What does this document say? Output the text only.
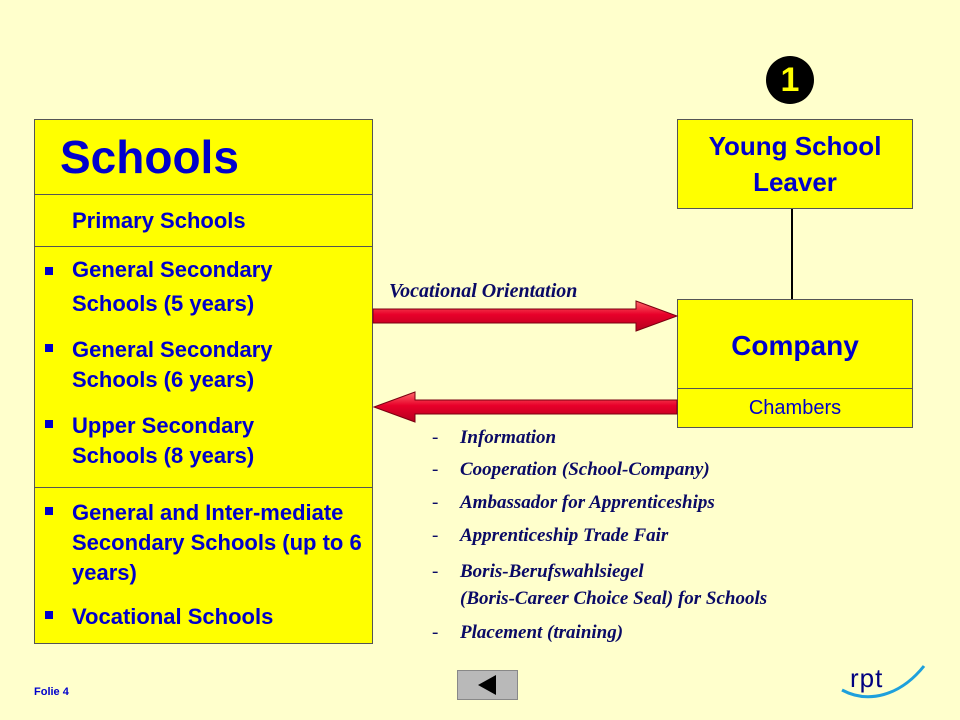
1
Schools
Primary Schools
General Secondary Schools (5 years)
General Secondary Schools (6 years)
Upper Secondary Schools (8 years)
General and Inter-mediate Secondary Schools (up to 6 years)
Vocational Schools
Young School
Leaver
Company
Chambers
Vocational Orientation
- Information
- Cooperation (School-Company)
- Ambassador for Apprenticeships
- Apprenticeship Trade Fair
- Boris-Berufswahlsiegel
(Boris-Career Choice Seal) for Schools
- Placement (training)
Folie 4	rpt
